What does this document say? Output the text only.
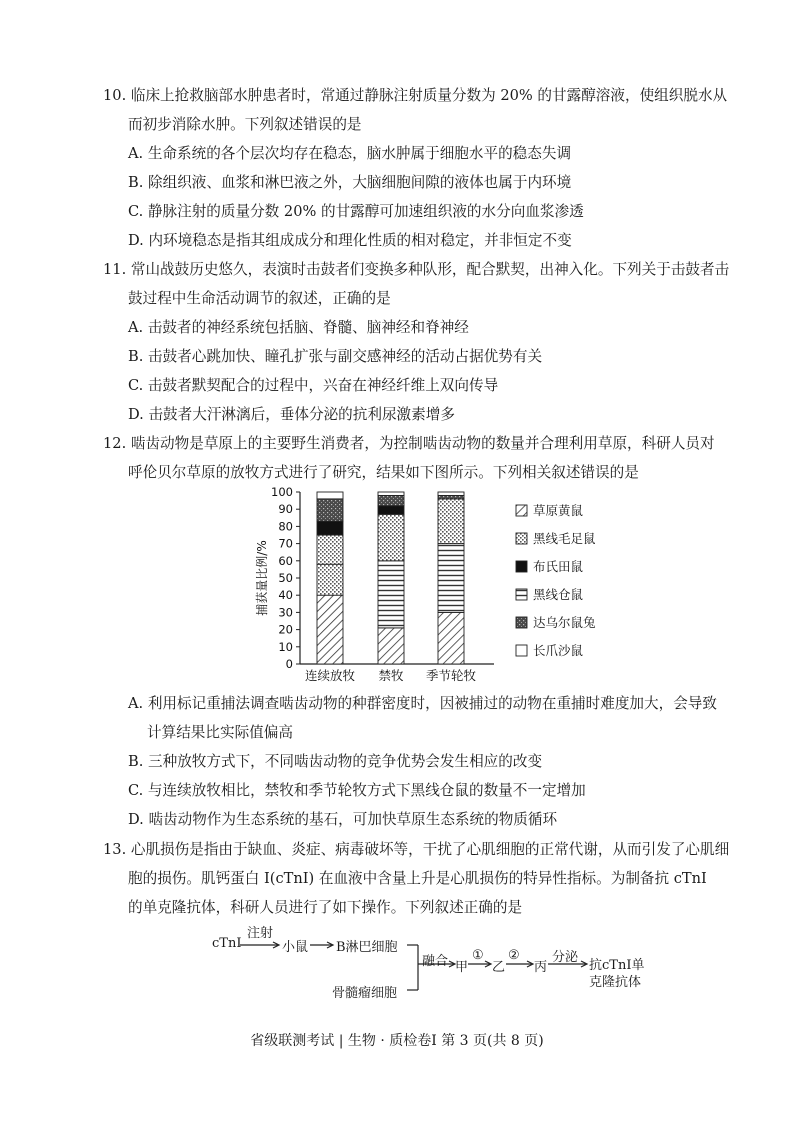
10. 临床上抢救脑部水肿患者时，常通过静脉注射质量分数为 20% 的甘露醇溶液，使组织脱水从
而初步消除水肿。下列叙述错误的是
A. 生命系统的各个层次均存在稳态，脑水肿属于细胞水平的稳态失调
B. 除组织液、血浆和淋巴液之外，大脑细胞间隙的液体也属于内环境
C. 静脉注射的质量分数 20% 的甘露醇可加速组织液的水分向血浆渗透
D. 内环境稳态是指其组成成分和理化性质的相对稳定，并非恒定不变
11. 常山战鼓历史悠久，表演时击鼓者们变换多种队形，配合默契，出神入化。下列关于击鼓者击
鼓过程中生命活动调节的叙述，正确的是
A. 击鼓者的神经系统包括脑、脊髓、脑神经和脊神经
B. 击鼓者心跳加快、瞳孔扩张与副交感神经的活动占据优势有关
C. 击鼓者默契配合的过程中，兴奋在神经纤维上双向传导
D. 击鼓者大汗淋漓后，垂体分泌的抗利尿激素增多
12. 啮齿动物是草原上的主要野生消费者，为控制啮齿动物的数量并合理利用草原，科研人员对
呼伦贝尔草原的放牧方式进行了研究，结果如下图所示。下列相关叙述错误的是
0
10
20
30
40
50
60
70
80
90
100
捕获量比例/%
连续放牧 禁牧 季节轮牧
草原黄鼠
黑线毛足鼠
布氏田鼠
黑线仓鼠
达乌尔鼠兔
长爪沙鼠
A. 利用标记重捕法调查啮齿动物的种群密度时，因被捕过的动物在重捕时难度加大，会导致
计算结果比实际值偏高
B. 三种放牧方式下，不同啮齿动物的竞争优势会发生相应的改变
C. 与连续放牧相比，禁牧和季节轮牧方式下黑线仓鼠的数量不一定增加
D. 啮齿动物作为生态系统的基石，可加快草原生态系统的物质循环
13. 心肌损伤是指由于缺血、炎症、病毒破坏等，干扰了心肌细胞的正常代谢，从而引发了心肌细
胞的损伤。肌钙蛋白 I(cTnI) 在血液中含量上升是心肌损伤的特异性指标。为制备抗 cTnI
的单克隆抗体，科研人员进行了如下操作。下列叙述正确的是
cTnI
注射
小鼠 B淋巴细胞
骨髓瘤细胞
融合 甲
①
乙
②
丙
分泌
抗cTnI单
克隆抗体
省级联测考试 | 生物 · 质检卷Ⅰ 第 3 页(共 8 页)
